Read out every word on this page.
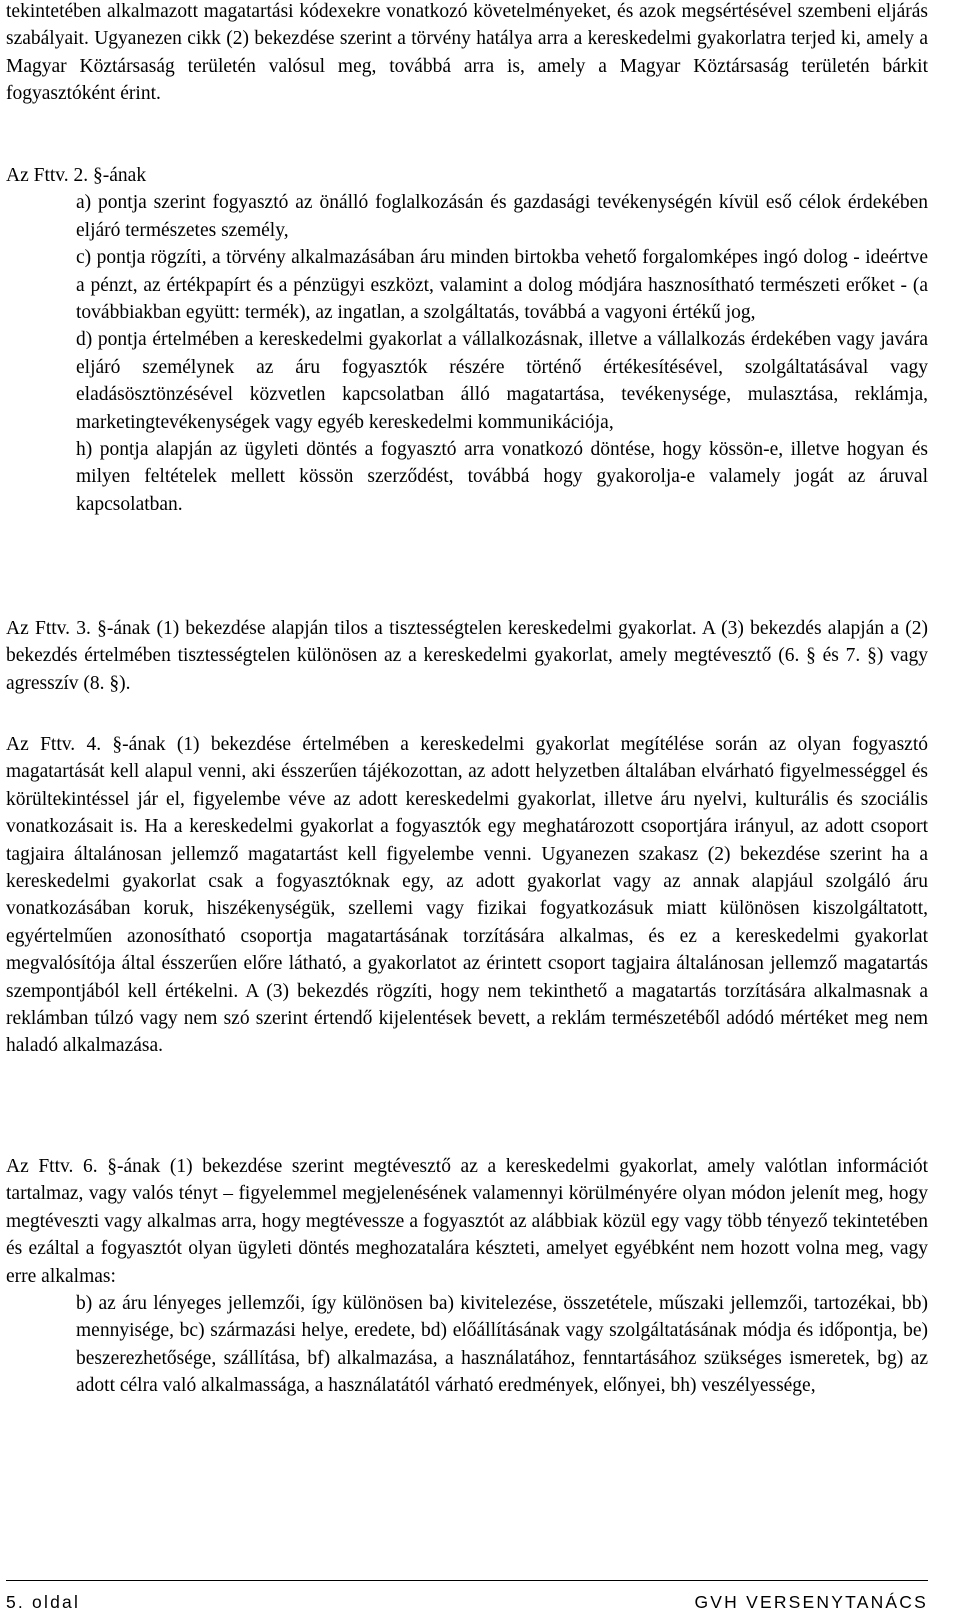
tekintetében alkalmazott magatartási kódexekre vonatkozó követelményeket, és azok megsértésével szembeni eljárás szabályait. Ugyanezen cikk (2) bekezdése szerint a törvény hatálya arra a kereskedelmi gyakorlatra terjed ki, amely a Magyar Köztársaság területén valósul meg, továbbá arra is, amely a Magyar Köztársaság területén bárkit fogyasztóként érint.

Az Fttv. 2. §-ának

a) pontja szerint fogyasztó az önálló foglalkozásán és gazdasági tevékenységén kívül eső célok érdekében eljáró természetes személy,

c) pontja rögzíti, a törvény alkalmazásában áru minden birtokba vehető forgalomképes ingó dolog - ideértve a pénzt, az értékpapírt és a pénzügyi eszközt, valamint a dolog módjára hasznosítható természeti erőket - (a továbbiakban együtt: termék), az ingatlan, a szolgáltatás, továbbá a vagyoni értékű jog,

d) pontja értelmében a kereskedelmi gyakorlat a vállalkozásnak, illetve a vállalkozás érdekében vagy javára eljáró személynek az áru fogyasztók részére történő értékesítésével, szolgáltatásával vagy eladásösztönzésével közvetlen kapcsolatban álló magatartása, tevékenysége, mulasztása, reklámja, marketingtevékenységek vagy egyéb kereskedelmi kommunikációja,

h) pontja alapján az ügyleti döntés a fogyasztó arra vonatkozó döntése, hogy kössön-e, illetve hogyan és milyen feltételek mellett kössön szerződést, továbbá hogy gyakorolja-e valamely jogát az áruval kapcsolatban.

Az Fttv. 3. §-ának (1) bekezdése alapján tilos a tisztességtelen kereskedelmi gyakorlat. A (3) bekezdés alapján a (2) bekezdés értelmében tisztességtelen különösen az a kereskedelmi gyakorlat, amely megtévesztő (6. § és 7. §) vagy agresszív (8. §).

Az Fttv. 4. §-ának (1) bekezdése értelmében a kereskedelmi gyakorlat megítélése során az olyan fogyasztó magatartását kell alapul venni, aki ésszerűen tájékozottan, az adott helyzetben általában elvárható figyelmességgel és körültekintéssel jár el, figyelembe véve az adott kereskedelmi gyakorlat, illetve áru nyelvi, kulturális és szociális vonatkozásait is. Ha a kereskedelmi gyakorlat a fogyasztók egy meghatározott csoportjára irányul, az adott csoport tagjaira általánosan jellemző magatartást kell figyelembe venni. Ugyanezen szakasz (2) bekezdése szerint ha a kereskedelmi gyakorlat csak a fogyasztóknak egy, az adott gyakorlat vagy az annak alapjául szolgáló áru vonatkozásában koruk, hiszékenységük, szellemi vagy fizikai fogyatkozásuk miatt különösen kiszolgáltatott, egyértelműen azonosítható csoportja magatartásának torzítására alkalmas, és ez a kereskedelmi gyakorlat megvalósítója által ésszerűen előre látható, a gyakorlatot az érintett csoport tagjaira általánosan jellemző magatartás szempontjából kell értékelni. A (3) bekezdés rögzíti, hogy nem tekinthető a magatartás torzítására alkalmasnak a reklámban túlzó vagy nem szó szerint értendő kijelentések bevett, a reklám természetéből adódó mértéket meg nem haladó alkalmazása.

Az Fttv. 6. §-ának (1) bekezdése szerint megtévesztő az a kereskedelmi gyakorlat, amely valótlan információt tartalmaz, vagy valós tényt – figyelemmel megjelenésének valamennyi körülményére olyan módon jelenít meg, hogy megtéveszti vagy alkalmas arra, hogy megtévessze a fogyasztót az alábbiak közül egy vagy több tényező tekintetében és ezáltal a fogyasztót olyan ügyleti döntés meghozatalára készteti, amelyet egyébként nem hozott volna meg, vagy erre alkalmas:

b) az áru lényeges jellemzői, így különösen ba) kivitelezése, összetétele, műszaki jellemzői, tartozékai, bb) mennyisége, bc) származási helye, eredete, bd) előállításának vagy szolgáltatásának módja és időpontja, be) beszerezhetősége, szállítása, bf) alkalmazása, a használatához, fenntartásához szükséges ismeretek, bg) az adott célra való alkalmassága, a használatától várható eredmények, előnyei, bh) veszélyessége,

5. oldal	GVH VERSENYTANÁCS
